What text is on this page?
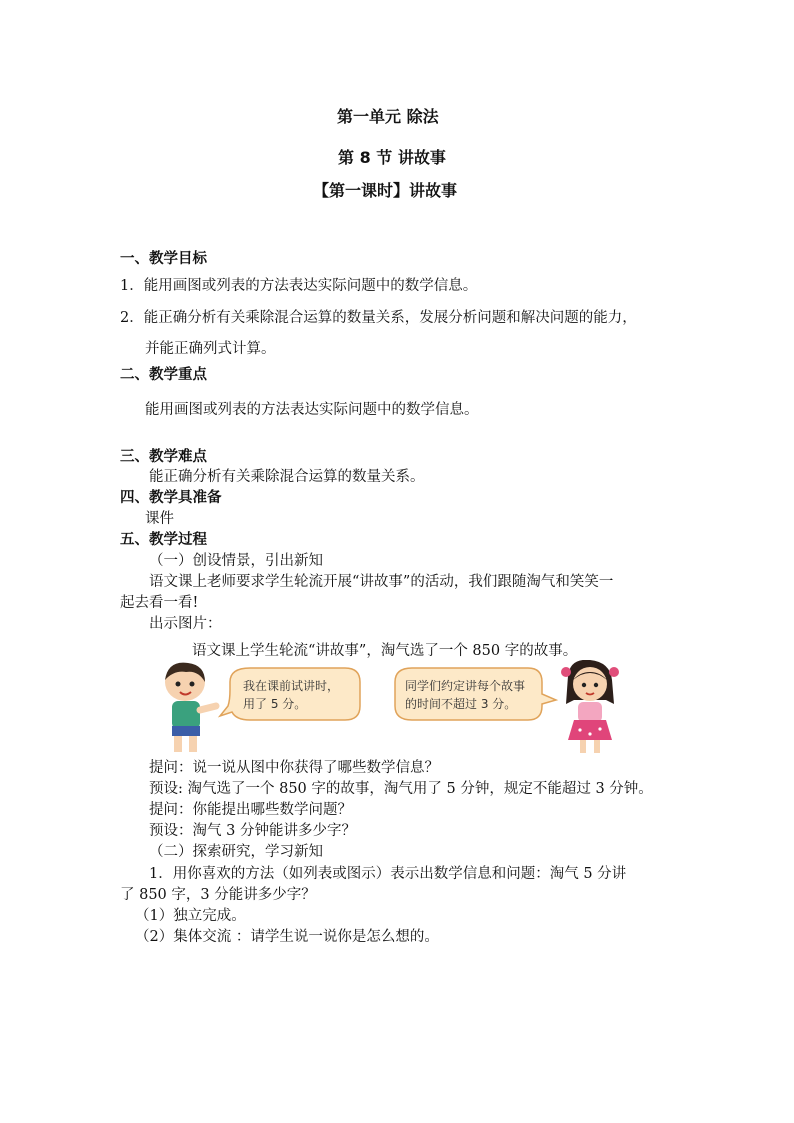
第一单元 除法
第 8 节 讲故事
【第一课时】讲故事
一、教学目标
1．能用画图或列表的方法表达实际问题中的数学信息。
2．能正确分析有关乘除混合运算的数量关系，发展分析问题和解决问题的能力，
并能正确列式计算。
二、教学重点
能用画图或列表的方法表达实际问题中的数学信息。
三、教学难点
能正确分析有关乘除混合运算的数量关系。
四、教学具准备
课件
五、教学过程
（一）创设情景，引出新知
语文课上老师要求学生轮流开展“讲故事”的活动，我们跟随淘气和笑笑一
起去看一看!
出示图片：
语文课上学生轮流“讲故事”，淘气选了一个 850 字的故事。
我在课前试讲时，
用了 5 分。
同学们约定讲每个故事
的时间不超过 3 分。
提问：说一说从图中你获得了哪些数学信息？
预设: 淘气选了一个 850 字的故事，淘气用了 5 分钟，规定不能超过 3 分钟。
提问：你能提出哪些数学问题？
预设：淘气 3 分钟能讲多少字？
（二）探索研究，学习新知
1．用你喜欢的方法（如列表或图示）表示出数学信息和问题：淘气 5 分讲
了 850 字，3 分能讲多少字？
（1）独立完成。
（2）集体交流 ：请学生说一说你是怎么想的。
